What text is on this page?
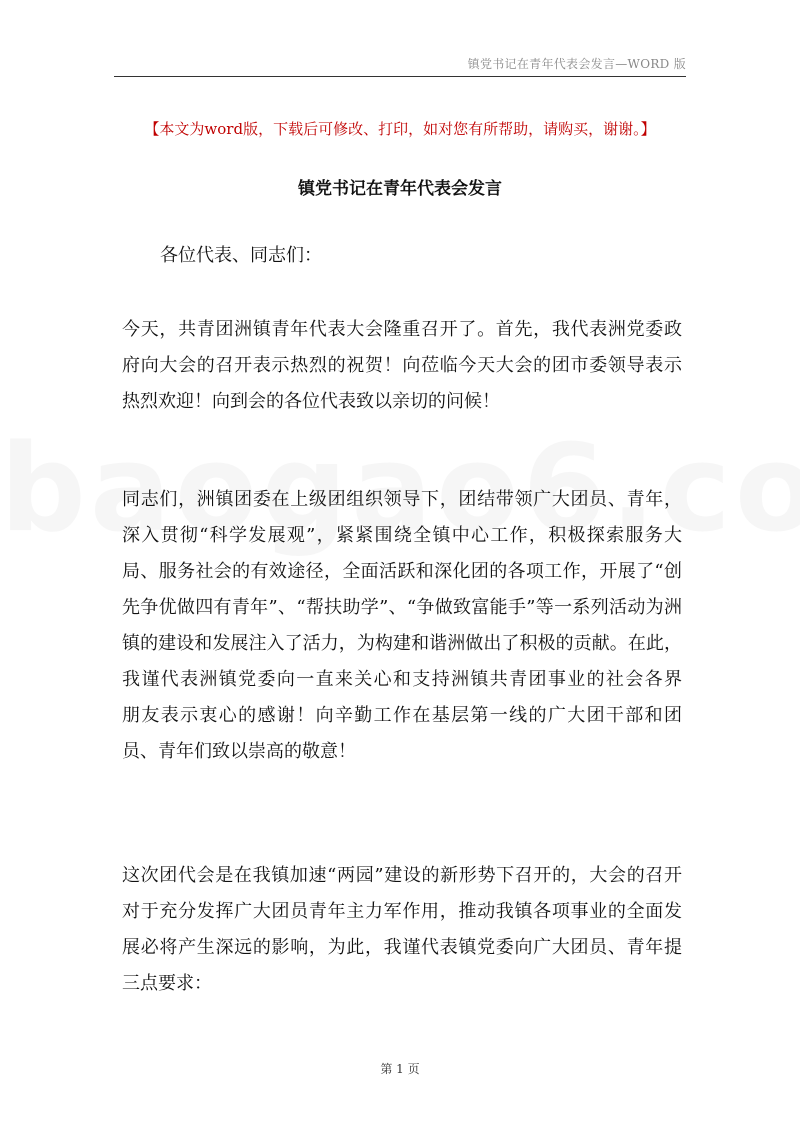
镇党书记在青年代表会发言—WORD 版
【本文为word版，下载后可修改、打印，如对您有所帮助，请购买，谢谢。】
镇党书记在青年代表会发言
各位代表、同志们：
今天，共青团洲镇青年代表大会隆重召开了。首先，我代表洲党委政
府向大会的召开表示热烈的祝贺！向莅临今天大会的团市委领导表示
热烈欢迎！向到会的各位代表致以亲切的问候！
同志们，洲镇团委在上级团组织领导下，团结带领广大团员、青年，
深入贯彻“科学发展观”，紧紧围绕全镇中心工作，积极探索服务大
局、服务社会的有效途径，全面活跃和深化团的各项工作，开展了“创
先争优做四有青年”、“帮扶助学”、“争做致富能手”等一系列活动为洲
镇的建设和发展注入了活力，为构建和谐洲做出了积极的贡献。在此，
我谨代表洲镇党委向一直来关心和支持洲镇共青团事业的社会各界
朋友表示衷心的感谢！向辛勤工作在基层第一线的广大团干部和团
员、青年们致以崇高的敬意！
这次团代会是在我镇加速“两园”建设的新形势下召开的，大会的召开
对于充分发挥广大团员青年主力军作用，推动我镇各项事业的全面发
展必将产生深远的影响，为此，我谨代表镇党委向广大团员、青年提
三点要求：
第 1 页
